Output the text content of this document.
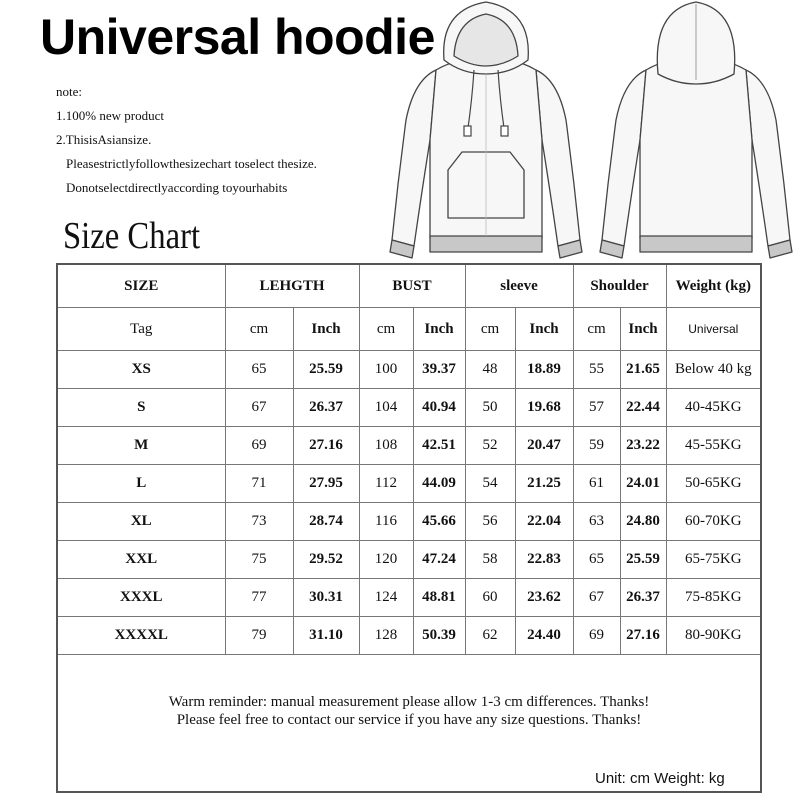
Universal hoodie
note:
1.100% new product
2.ThisisAsiansize.
Pleasestrictlyfollowthesizechart toselect thesize.
Donotselectdirectlyaccording toyourhabits
Size Chart
SIZE	LEHGTH		BUST		sleeve		Shoulder		Weight (kg)
Tag	cm	Inch	cm	Inch	cm	Inch	cm	Inch	Universal
XS	65	25.59	100	39.37	48	18.89	55	21.65	Below 40 kg
S	67	26.37	104	40.94	50	19.68	57	22.44	40-45KG
M	69	27.16	108	42.51	52	20.47	59	23.22	45-55KG
L	71	27.95	112	44.09	54	21.25	61	24.01	50-65KG
XL	73	28.74	116	45.66	56	22.04	63	24.80	60-70KG
XXL	75	29.52	120	47.24	58	22.83	65	25.59	65-75KG
XXXL	77	30.31	124	48.81	60	23.62	67	26.37	75-85KG
XXXXL	79	31.10	128	50.39	62	24.40	69	27.16	80-90KG
Warm reminder: manual measurement please allow 1-3 cm differences. Thanks!
Please feel free to contact our service if you have any size questions. Thanks!
Unit: cm Weight: kg
